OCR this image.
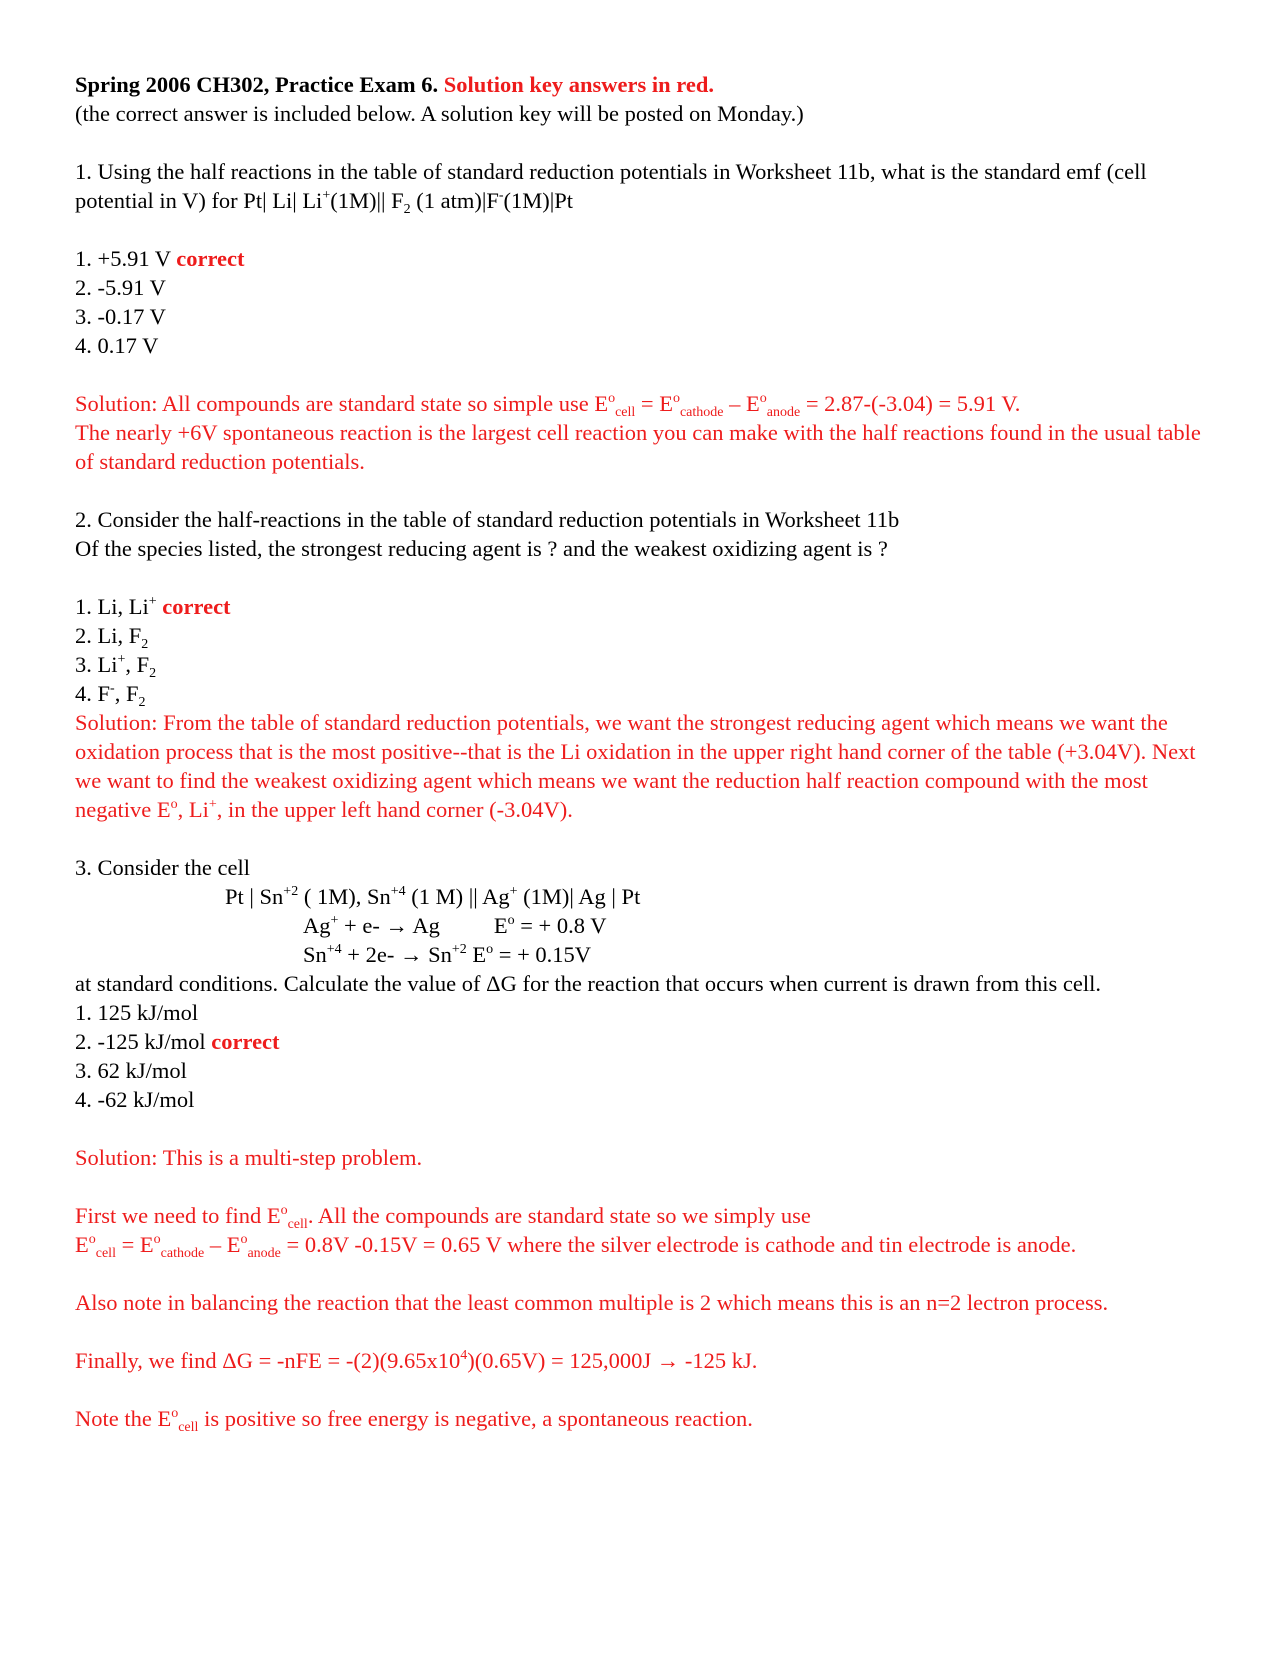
Spring 2006 CH302, Practice Exam 6. Solution key answers in red.

(the correct answer is included below. A solution key will be posted on Monday.)

1. Using the half reactions in the table of standard reduction potentials in Worksheet 11b, what is the standard emf (cell potential in V) for Pt| Li| Li+(1M)|| $F_2$ (1 atm)|F-(1M)|Pt

1. +5.91 V correct

2. -5.91 V

3. -0.17 V

4. 0.17 V

Solution: All compounds are standard state so simple use $E^o_{cell} = E^o_{cathode} - E^o_{anode} = 2.87-(-3.04) = 5.91$ V.
The nearly +6V spontaneous reaction is the largest cell reaction you can make with the half reactions found in the usual table of standard reduction potentials.

2. Consider the half-reactions in the table of standard reduction potentials in Worksheet 11b

Of the species listed, the strongest reducing agent is ? and the weakest oxidizing agent is ?

1. Li, Li+ correct

2. Li, $F_2$

3. Li+, $F_2$

4. F-, $F_2$

Solution: From the table of standard reduction potentials, we want the strongest reducing agent which means we want the oxidation process that is the most positive--that is the Li oxidation in the upper right hand corner of the table (+3.04V). Next we want to find the weakest oxidizing agent which means we want the reduction half reaction compound with the most negative $E^o$, Li+, in the upper left hand corner (-3.04V).

3. Consider the cell

Pt | $Sn^{+2}$ ( 1M), $Sn^{+4}$ (1 M) || Ag+ (1M)| Ag | Pt

Ag+ + e- → Ag $E^o$ = + 0.8 V

$Sn^{+4} + 2e- \to Sn^{+2}$ $E^o$ = + 0.15V

at standard conditions. Calculate the value of ΔG for the reaction that occurs when current is drawn from this cell.

1. 125 kJ/mol

2. -125 kJ/mol correct

3. 62 kJ/mol

4. -62 kJ/mol

Solution: This is a multi-step problem.

First we need to find $E^o_{cell}$. All the compounds are standard state so we simply use
$E^o_{cell} = E^o_{cathode} - E^o_{anode} = 0.8V$ -0.15V = 0.65 V where the silver electrode is cathode and tin electrode is anode.

Also note in balancing the reaction that the least common multiple is 2 which means this is an n=2 lectron process.

Finally, we find $\Delta G = -nFE = -(2)(9.65x10^4)(0.65V) = 125,000J \to -125$ kJ.

Note the $E^o_{cell}$ is positive so free energy is negative, a spontaneous reaction.
